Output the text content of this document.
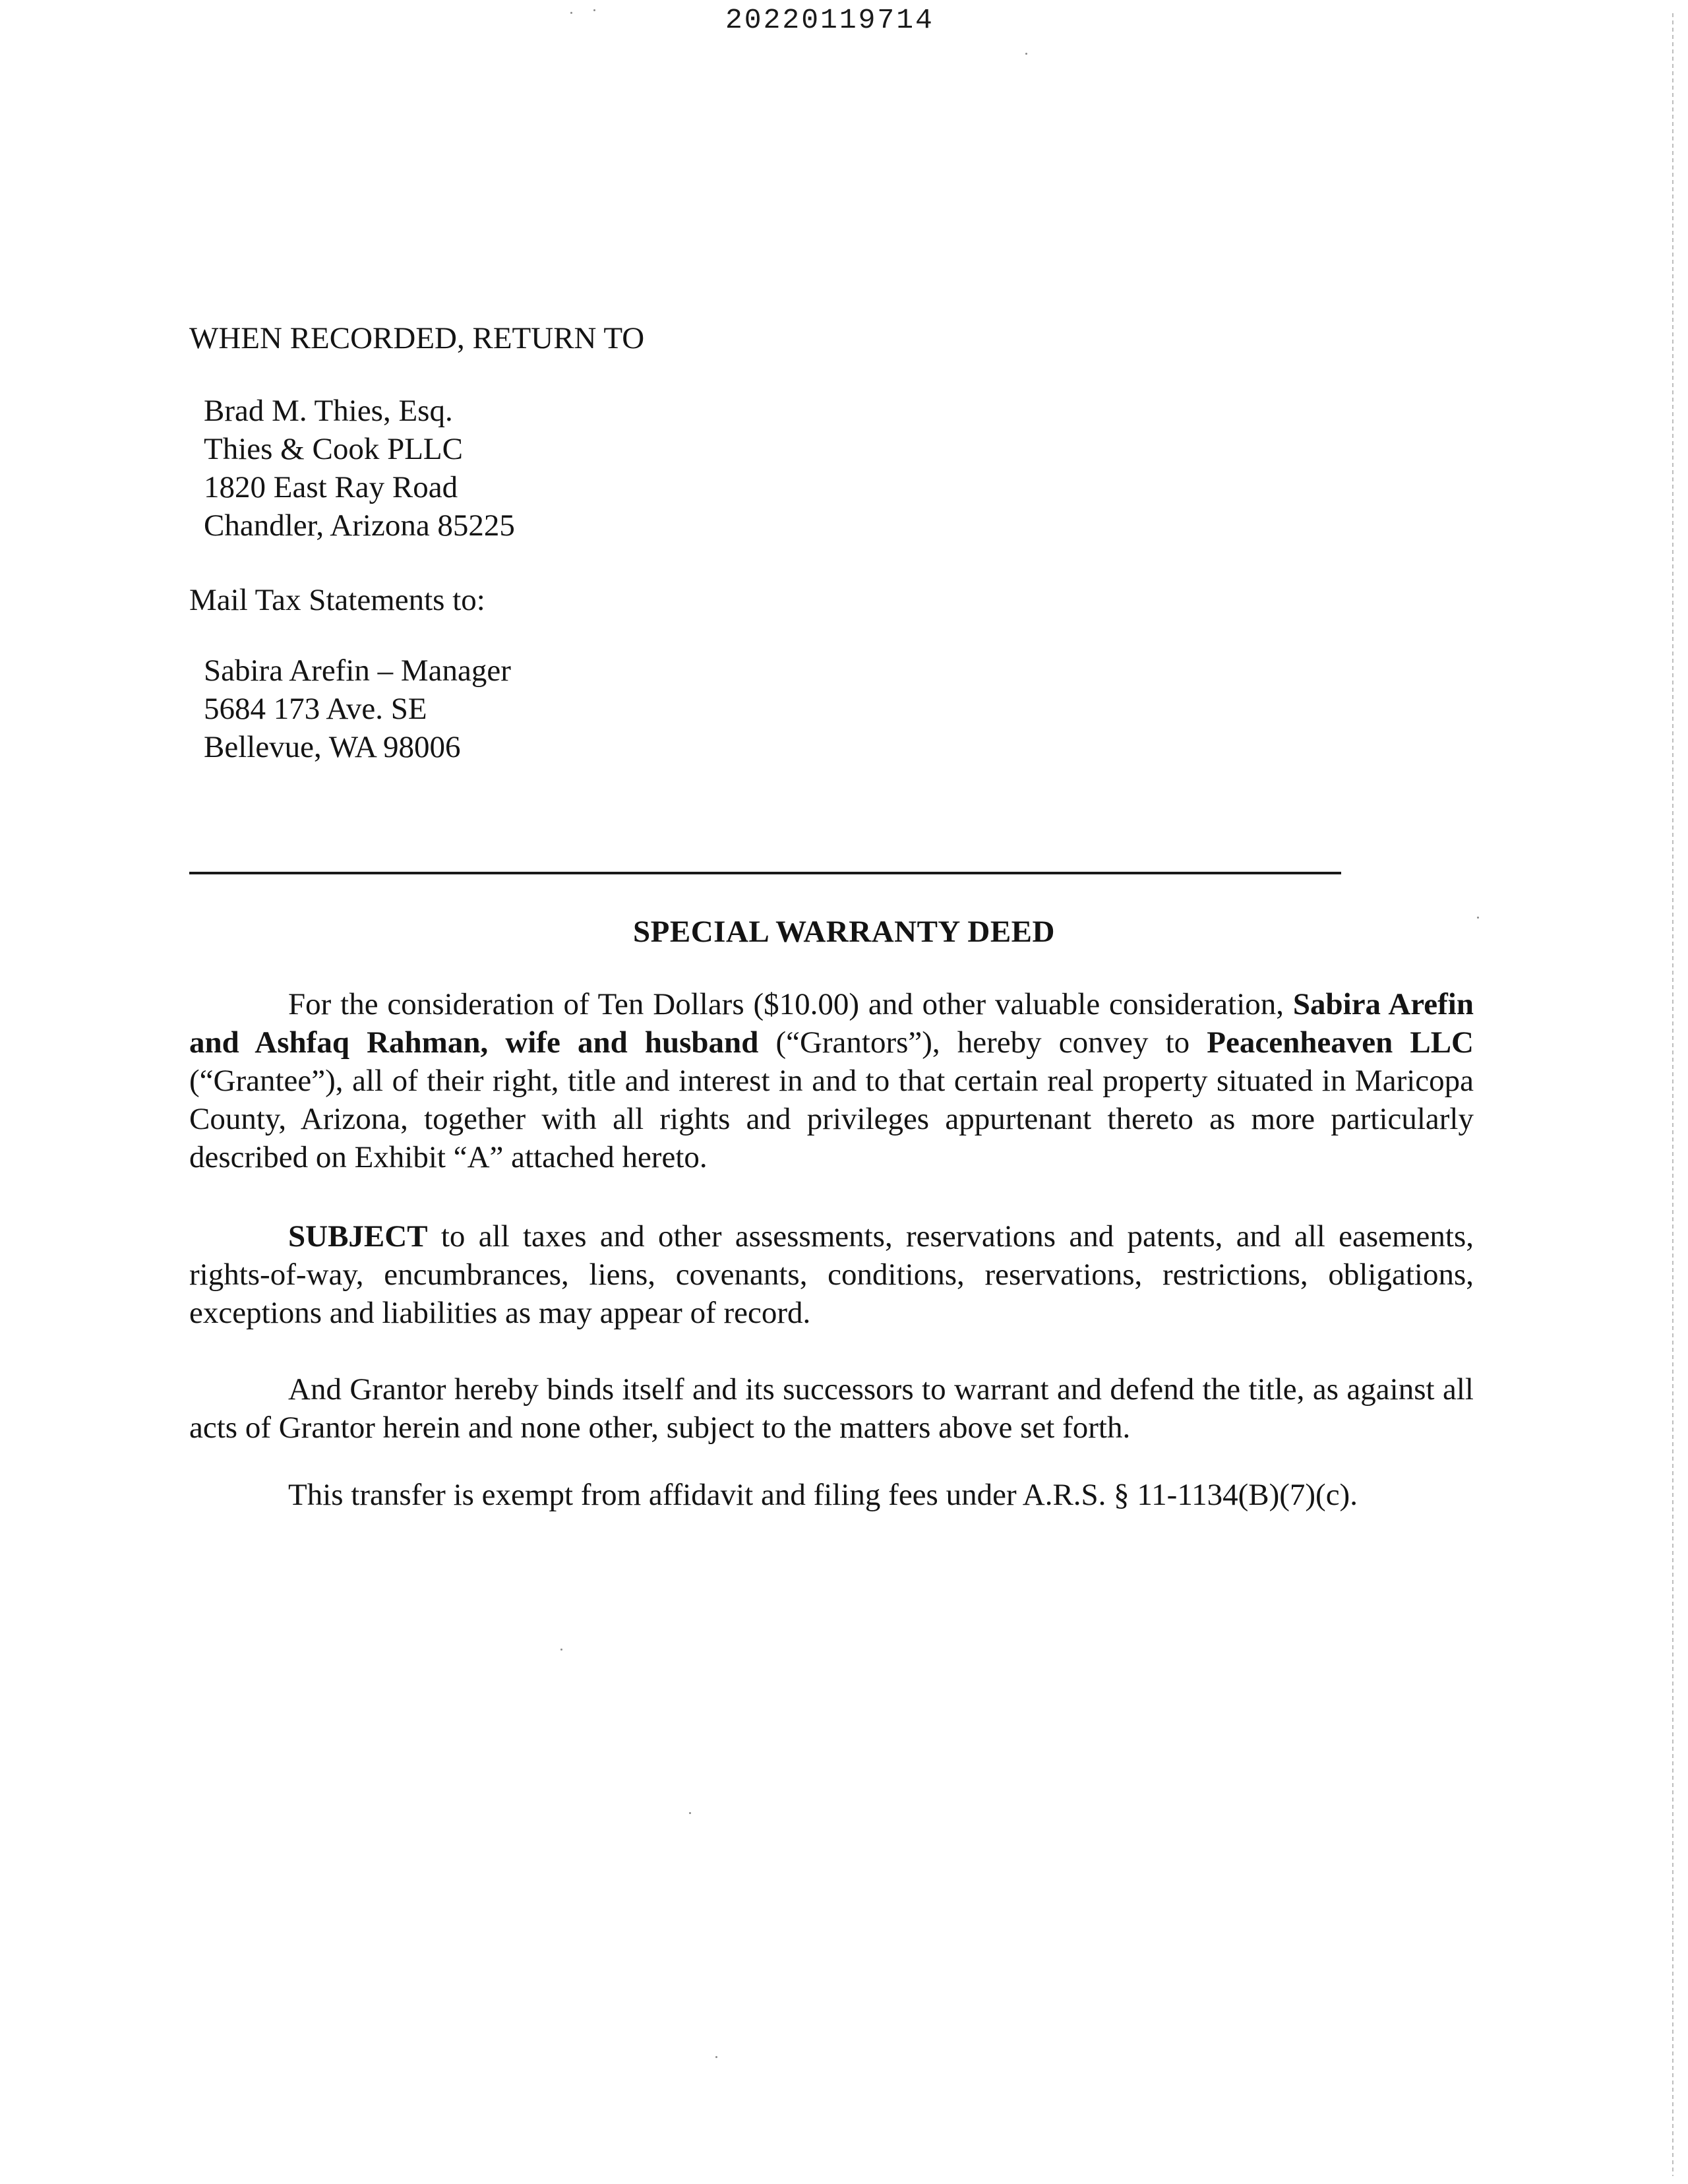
20220119714
WHEN RECORDED, RETURN TO
Brad M. Thies, Esq.
Thies & Cook PLLC
1820 East Ray Road
Chandler, Arizona 85225
Mail Tax Statements to:
Sabira Arefin – Manager
5684 173 Ave. SE
Bellevue, WA 98006
SPECIAL WARRANTY DEED
For the consideration of Ten Dollars ($10.00) and other valuable consideration, Sabira Arefin and Ashfaq Rahman, wife and husband (“Grantors”), hereby convey to Peacenheaven LLC (“Grantee”), all of their right, title and interest in and to that certain real property situated in Maricopa County, Arizona, together with all rights and privileges appurtenant thereto as more particularly described on Exhibit “A” attached hereto.
SUBJECT to all taxes and other assessments, reservations and patents, and all easements, rights-of-way, encumbrances, liens, covenants, conditions, reservations, restrictions, obligations, exceptions and liabilities as may appear of record.
And Grantor hereby binds itself and its successors to warrant and defend the title, as against all acts of Grantor herein and none other, subject to the matters above set forth.
This transfer is exempt from affidavit and filing fees under A.R.S. § 11-1134(B)(7)(c).
